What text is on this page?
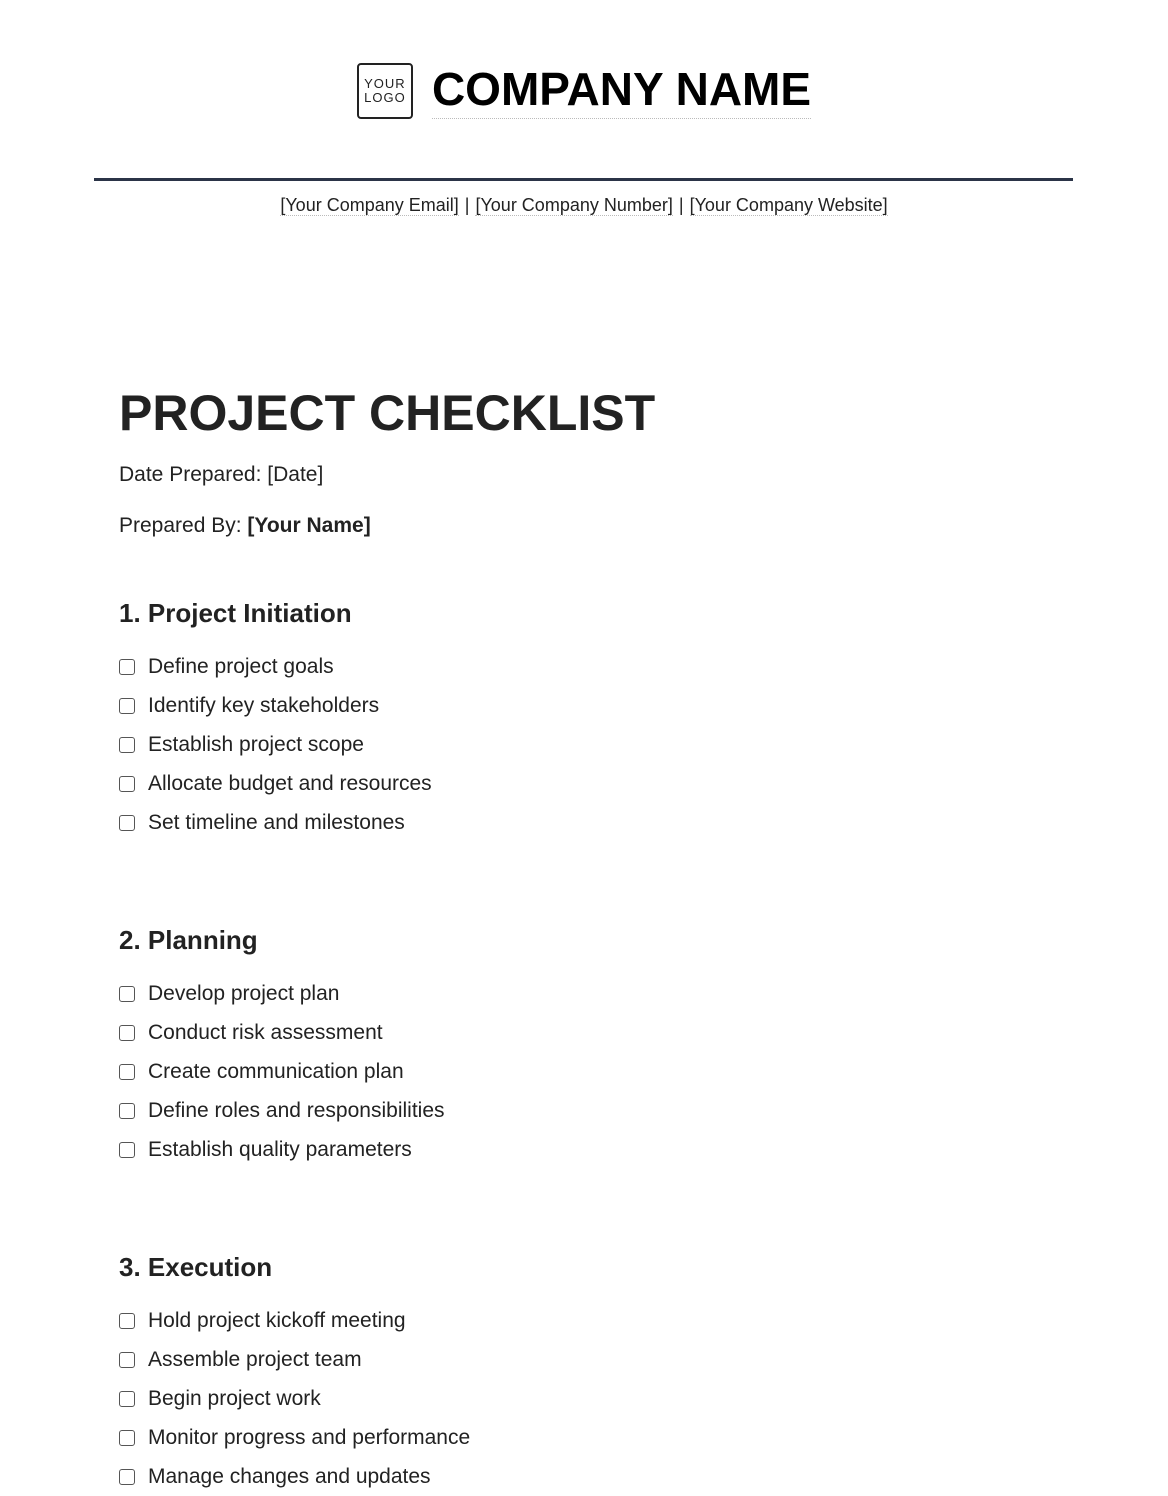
YOUR
LOGO COMPANY NAME
[Your Company Email] | [Your Company Number] | [Your Company Website]
PROJECT CHECKLIST
Date Prepared: [Date]
Prepared By: [Your Name]
1. Project Initiation
Define project goals
Identify key stakeholders
Establish project scope
Allocate budget and resources
Set timeline and milestones
2. Planning
Develop project plan
Conduct risk assessment
Create communication plan
Define roles and responsibilities
Establish quality parameters
3. Execution
Hold project kickoff meeting
Assemble project team
Begin project work
Monitor progress and performance
Manage changes and updates
